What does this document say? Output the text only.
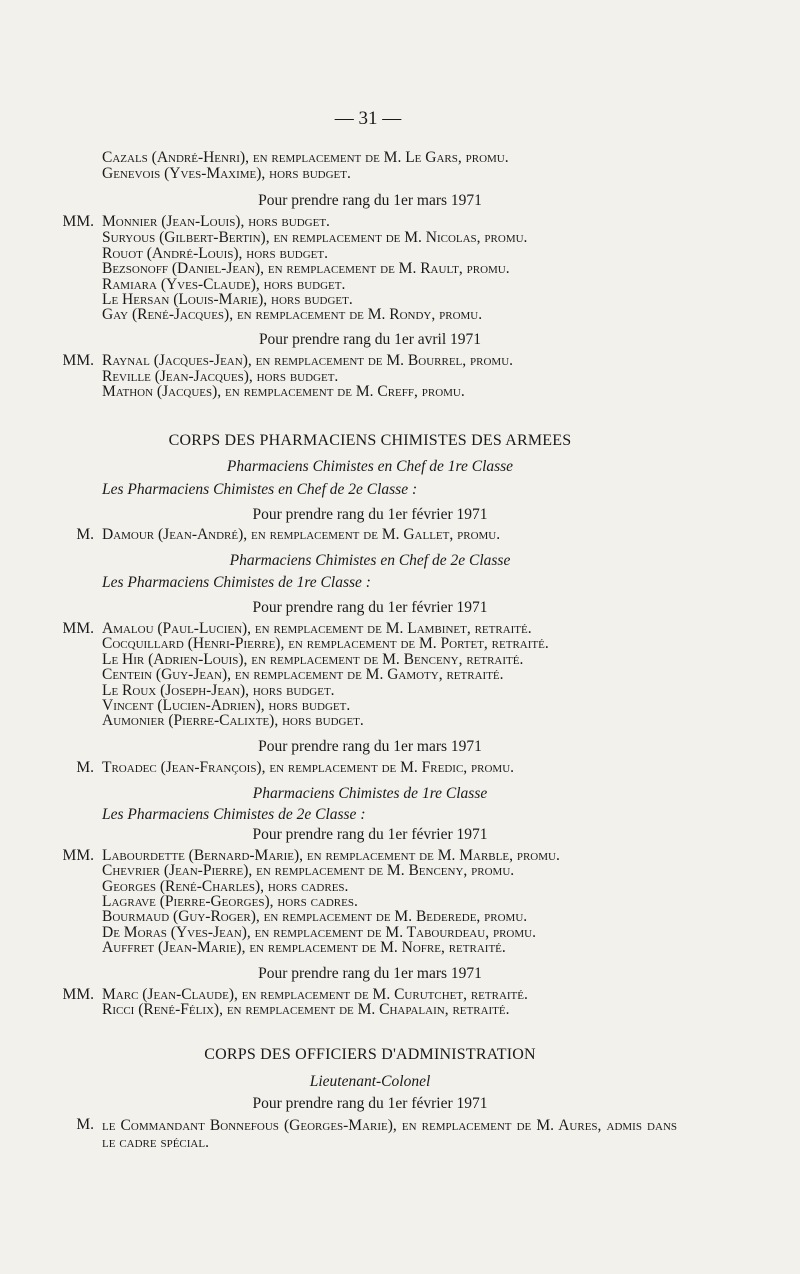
— 31 —
Cazals (André-Henri), en remplacement de M. Le Gars, promu.
Genevois (Yves-Maxime), hors budget.
Pour prendre rang du 1er mars 1971
MM. Monnier (Jean-Louis), hors budget.
Suryous (Gilbert-Bertin), en remplacement de M. Nicolas, promu.
Rouot (André-Louis), hors budget.
Bezsonoff (Daniel-Jean), en remplacement de M. Rault, promu.
Ramiara (Yves-Claude), hors budget.
Le Hersan (Louis-Marie), hors budget.
Gay (René-Jacques), en remplacement de M. Rondy, promu.
Pour prendre rang du 1er avril 1971
MM. Raynal (Jacques-Jean), en remplacement de M. Bourrel, promu.
Reville (Jean-Jacques), hors budget.
Mathon (Jacques), en remplacement de M. Creff, promu.
CORPS DES PHARMACIENS CHIMISTES DES ARMEES
Pharmaciens Chimistes en Chef de 1re Classe
Les Pharmaciens Chimistes en Chef de 2e Classe :
Pour prendre rang du 1er février 1971
M. Damour (Jean-André), en remplacement de M. Gallet, promu.
Pharmaciens Chimistes en Chef de 2e Classe
Les Pharmaciens Chimistes de 1re Classe :
Pour prendre rang du 1er février 1971
MM. Amalou (Paul-Lucien), en remplacement de M. Lambinet, retraité.
Cocquillard (Henri-Pierre), en remplacement de M. Portet, retraité.
Le Hir (Adrien-Louis), en remplacement de M. Benceny, retraité.
Centein (Guy-Jean), en remplacement de M. Gamoty, retraité.
Le Roux (Joseph-Jean), hors budget.
Vincent (Lucien-Adrien), hors budget.
Aumonier (Pierre-Calixte), hors budget.
Pour prendre rang du 1er mars 1971
M. Troadec (Jean-François), en remplacement de M. Fredic, promu.
Pharmaciens Chimistes de 1re Classe
Les Pharmaciens Chimistes de 2e Classe :
Pour prendre rang du 1er février 1971
MM. Labourdette (Bernard-Marie), en remplacement de M. Marble, promu.
Chevrier (Jean-Pierre), en remplacement de M. Benceny, promu.
Georges (René-Charles), hors cadres.
Lagrave (Pierre-Georges), hors cadres.
Bourmaud (Guy-Roger), en remplacement de M. Bederede, promu.
De Moras (Yves-Jean), en remplacement de M. Tabourdeau, promu.
Auffret (Jean-Marie), en remplacement de M. Nofre, retraité.
Pour prendre rang du 1er mars 1971
MM. Marc (Jean-Claude), en remplacement de M. Curutchet, retraité.
Ricci (René-Félix), en remplacement de M. Chapalain, retraité.
CORPS DES OFFICIERS D'ADMINISTRATION
Lieutenant-Colonel
Pour prendre rang du 1er février 1971
M. le Commandant Bonnefous (Georges-Marie), en remplacement de M. Aures, admis dans le cadre spécial.
